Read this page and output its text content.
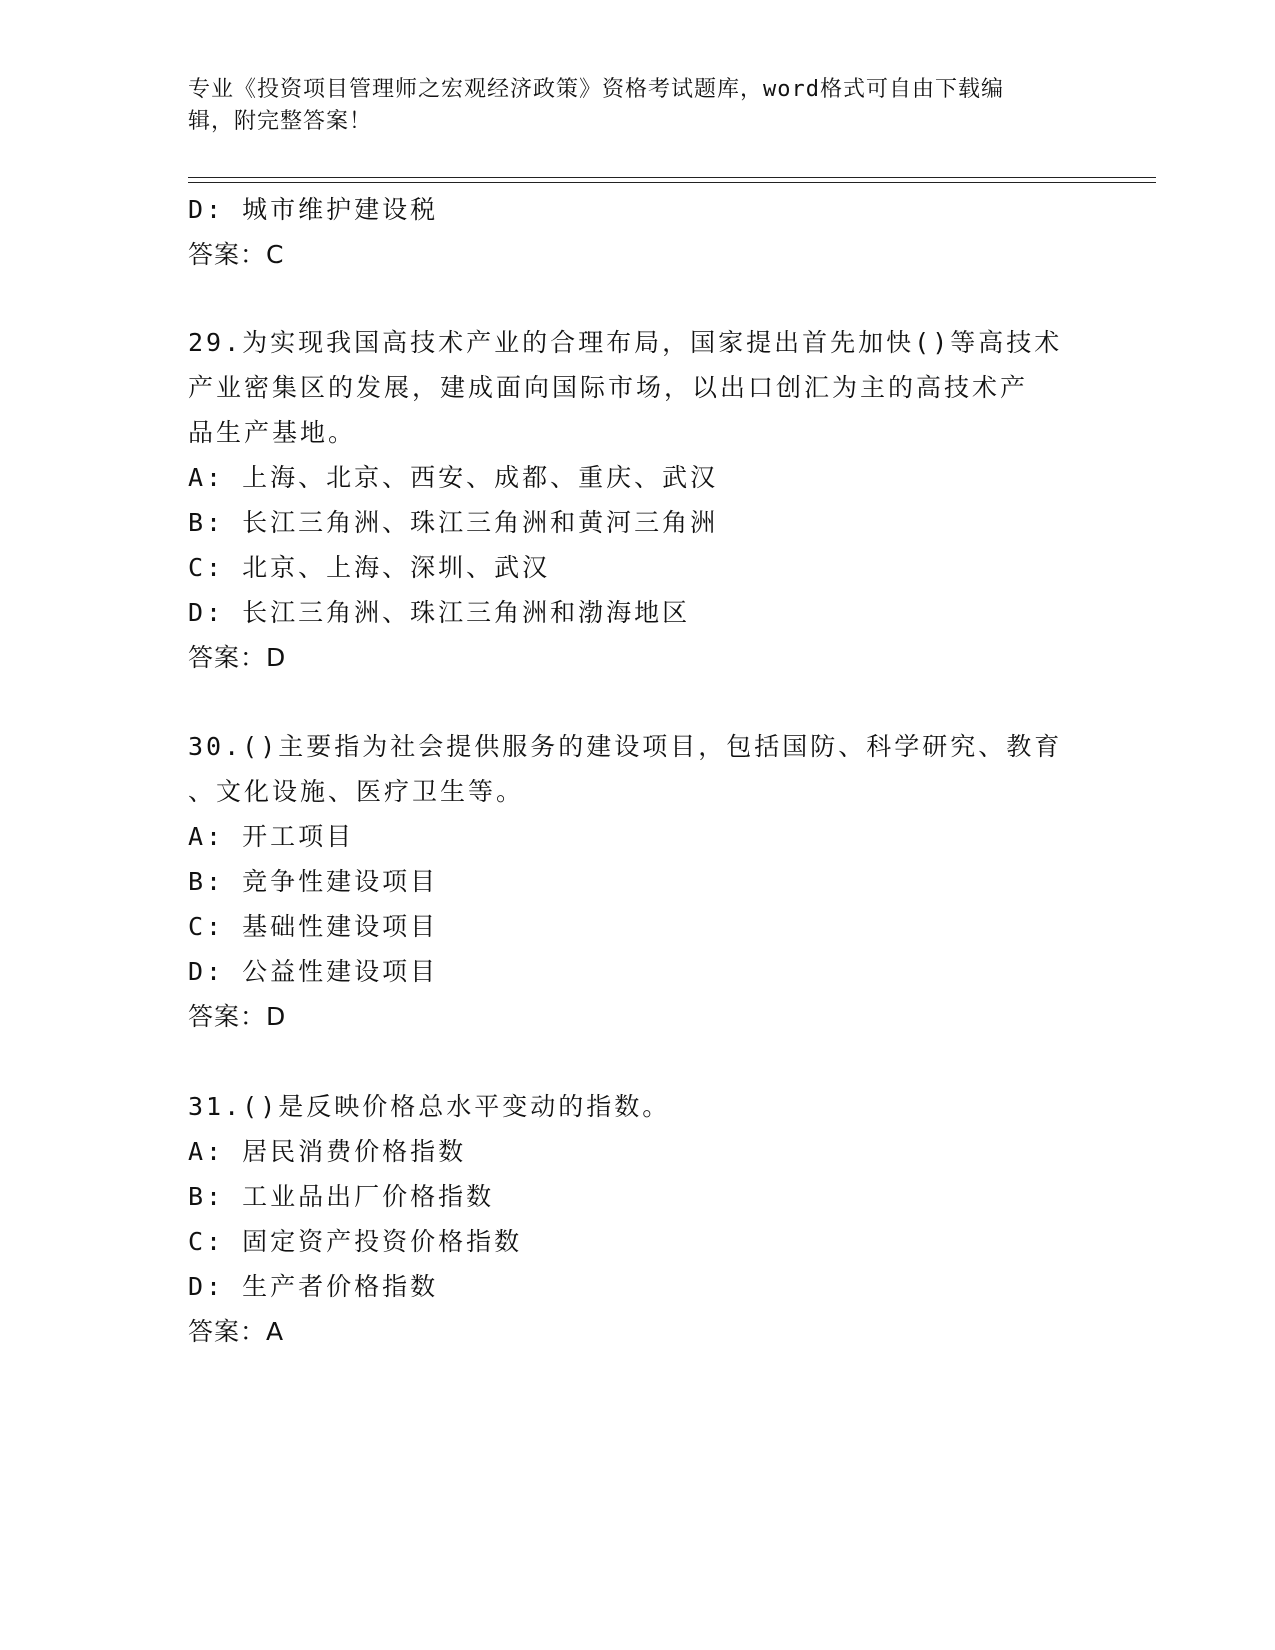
专业《投资项目管理师之宏观经济政策》资格考试题库，word格式可自由下载编
辑，附完整答案！
D: 城市维护建设税
答案：C
29.为实现我国高技术产业的合理布局，国家提出首先加快()等高技术
产业密集区的发展，建成面向国际市场，以出口创汇为主的高技术产
品生产基地。
A: 上海、北京、西安、成都、重庆、武汉
B: 长江三角洲、珠江三角洲和黄河三角洲
C: 北京、上海、深圳、武汉
D: 长江三角洲、珠江三角洲和渤海地区
答案：D
30.()主要指为社会提供服务的建设项目，包括国防、科学研究、教育
、文化设施、医疗卫生等。
A: 开工项目
B: 竞争性建设项目
C: 基础性建设项目
D: 公益性建设项目
答案：D
31.()是反映价格总水平变动的指数。
A: 居民消费价格指数
B: 工业品出厂价格指数
C: 固定资产投资价格指数
D: 生产者价格指数
答案：A
